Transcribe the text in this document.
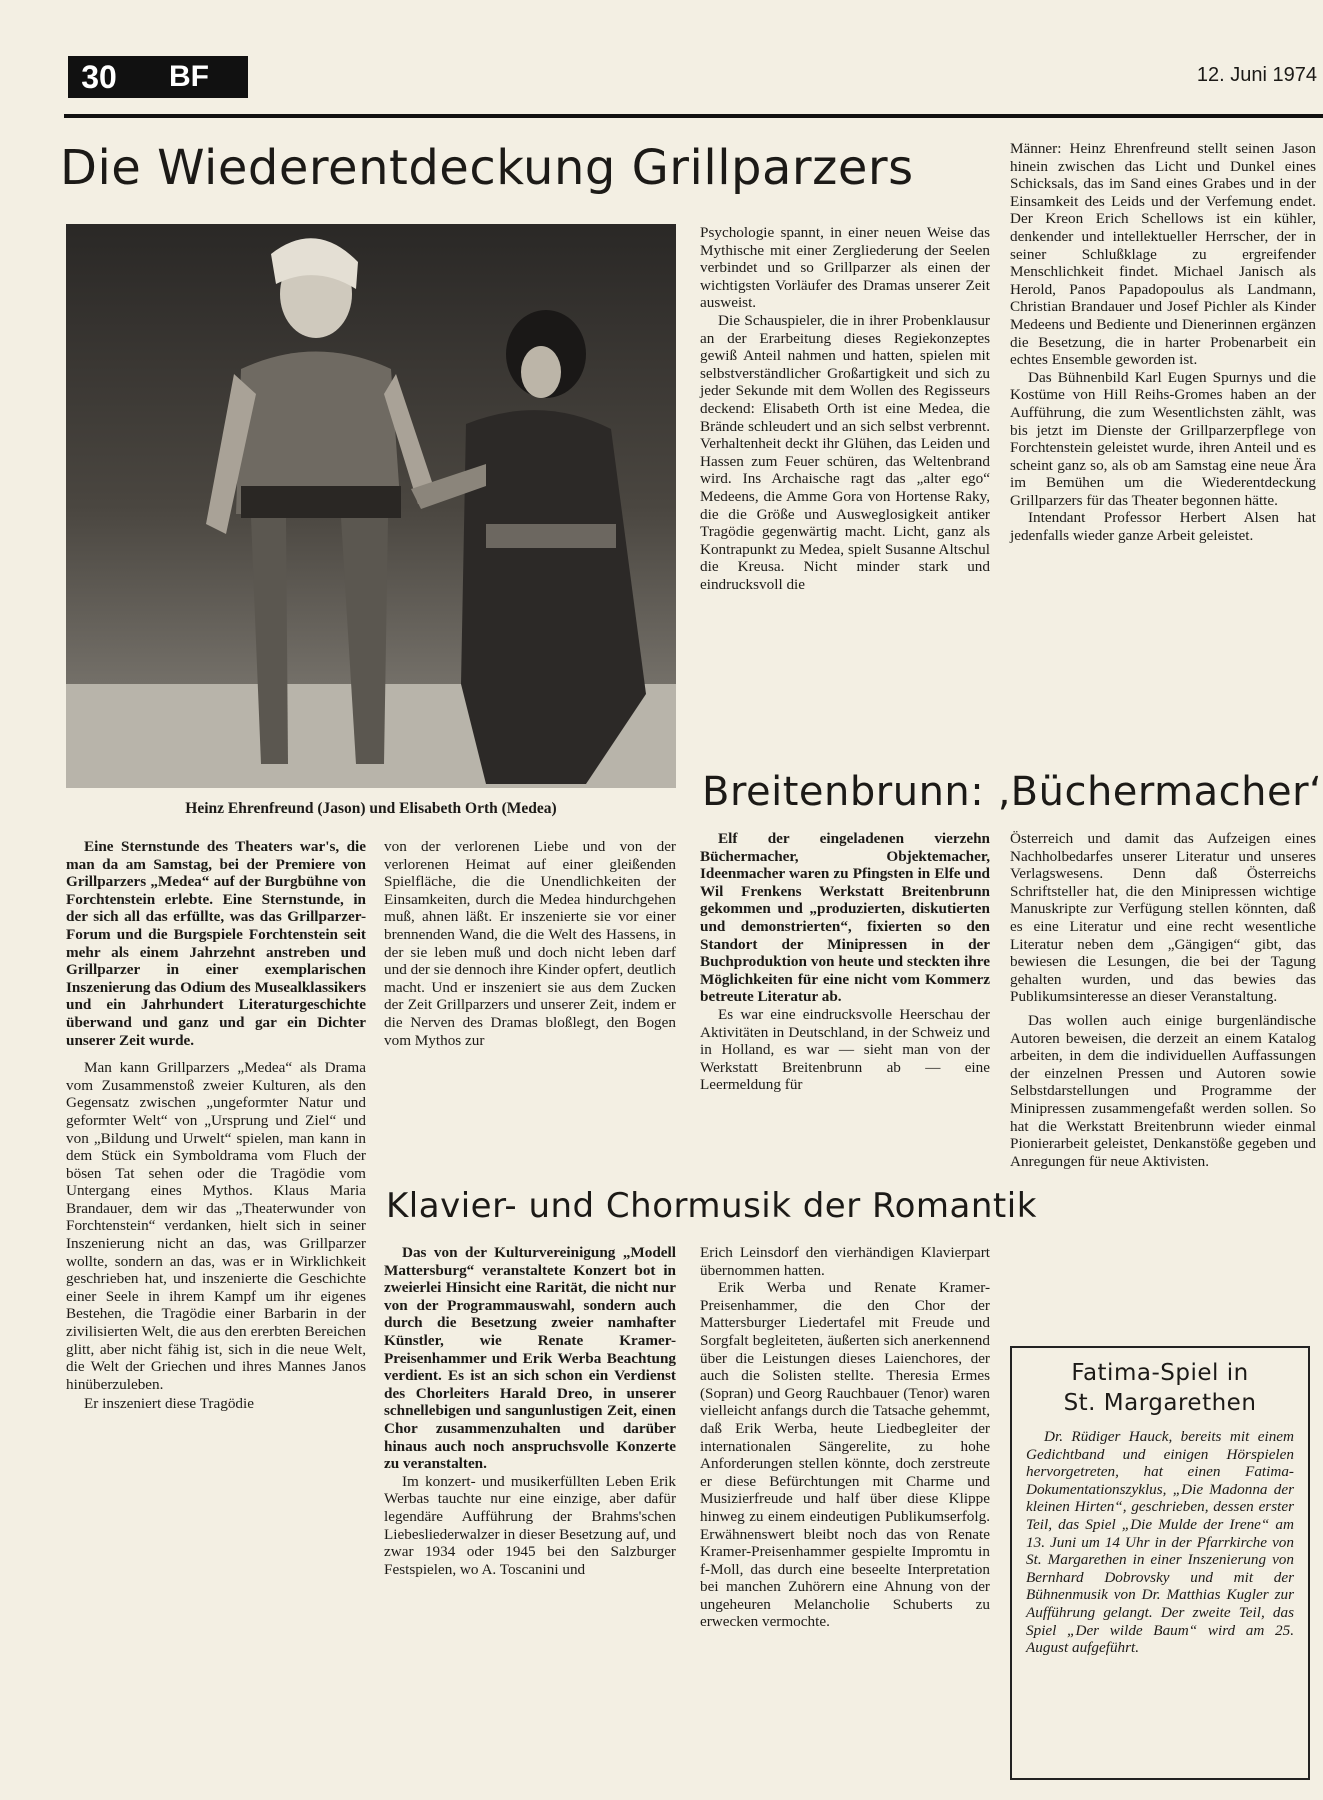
30	BF	12. Juni 1974
Die Wiederentdeckung Grillparzers
Heinz Ehrenfreund (Jason) und Elisabeth Orth (Medea)

Eine Sternstunde des Theaters war's, die man da am Samstag, bei der Premiere von Grillparzers „Medea“ auf der Burgbühne von Forchtenstein erlebte. Eine Sternstunde, in der sich all das erfüllte, was das Grillparzer-Forum und die Burgspiele Forchtenstein seit mehr als einem Jahrzehnt anstreben und Grillparzer in einer exemplarischen Inszenierung das Odium des Musealklassikers und ein Jahrhundert Literaturgeschichte überwand und ganz und gar ein Dichter unserer Zeit wurde.

Man kann Grillparzers „Medea“ als Drama vom Zusammenstoß zweier Kulturen, als den Gegensatz zwischen „ungeformter Natur und geformter Welt“ von „Ursprung und Ziel“ und von „Bildung und Urwelt“ spielen, man kann in dem Stück ein Symboldrama vom Fluch der bösen Tat sehen oder die Tragödie vom Untergang eines Mythos. Klaus Maria Brandauer, dem wir das „Theaterwunder von Forchtenstein“ verdanken, hielt sich in seiner Inszenierung nicht an das, was Grillparzer wollte, sondern an das, was er in Wirklichkeit geschrieben hat, und inszenierte die Geschichte einer Seele in ihrem Kampf um ihr eigenes Bestehen, die Tragödie einer Barbarin in der zivilisierten Welt, die aus den ererbten Bereichen glitt, aber nicht fähig ist, sich in die neue Welt, die Welt der Griechen und ihres Mannes Janos hinüberzuleben.

Er inszeniert diese Tragödie

von der verlorenen Liebe und von der verlorenen Heimat auf einer gleißenden Spielfläche, die die Unendlichkeiten der Einsamkeiten, durch die Medea hindurchgehen muß, ahnen läßt. Er inszenierte sie vor einer brennenden Wand, die die Welt des Hassens, in der sie leben muß und doch nicht leben darf und der sie dennoch ihre Kinder opfert, deutlich macht. Und er inszeniert sie aus dem Zucken der Zeit Grillparzers und unserer Zeit, indem er die Nerven des Dramas bloßlegt, den Bogen vom Mythos zur

Psychologie spannt, in einer neuen Weise das Mythische mit einer Zergliederung der Seelen verbindet und so Grillparzer als einen der wichtigsten Vorläufer des Dramas unserer Zeit ausweist.

Die Schauspieler, die in ihrer Probenklausur an der Erarbeitung dieses Regiekonzeptes gewiß Anteil nahmen und hatten, spielen mit selbstverständlicher Großartigkeit und sich zu jeder Sekunde mit dem Wollen des Regisseurs deckend: Elisabeth Orth ist eine Medea, die Brände schleudert und an sich selbst verbrennt. Verhaltenheit deckt ihr Glühen, das Leiden und Hassen zum Feuer schüren, das Weltenbrand wird. Ins Archaische ragt das „alter ego“ Medeens, die Amme Gora von Hortense Raky, die die Größe und Ausweglosigkeit antiker Tragödie gegenwärtig macht. Licht, ganz als Kontrapunkt zu Medea, spielt Susanne Altschul die Kreusa. Nicht minder stark und eindrucksvoll die

Männer: Heinz Ehrenfreund stellt seinen Jason hinein zwischen das Licht und Dunkel eines Schicksals, das im Sand eines Grabes und in der Einsamkeit des Leids und der Verfemung endet. Der Kreon Erich Schellows ist ein kühler, denkender und intellektueller Herrscher, der in seiner Schlußklage zu ergreifender Menschlichkeit findet. Michael Janisch als Herold, Panos Papadopoulus als Landmann, Christian Brandauer und Josef Pichler als Kinder Medeens und Bediente und Dienerinnen ergänzen die Besetzung, die in harter Probenarbeit ein echtes Ensemble geworden ist.

Das Bühnenbild Karl Eugen Spurnys und die Kostüme von Hill Reihs-Gromes haben an der Aufführung, die zum Wesentlichsten zählt, was bis jetzt im Dienste der Grillparzerpflege von Forchtenstein geleistet wurde, ihren Anteil und es scheint ganz so, als ob am Samstag eine neue Ära im Bemühen um die Wiederentdeckung Grillparzers für das Theater begonnen hätte.

Intendant Professor Herbert Alsen hat jedenfalls wieder ganze Arbeit geleistet.

Breitenbrunn: ‚Büchermacher‘

Elf der eingeladenen vierzehn Büchermacher, Objektemacher, Ideenmacher waren zu Pfingsten in Elfe und Wil Frenkens Werkstatt Breitenbrunn gekommen und „produzierten, diskutierten und demonstrierten“, fixierten so den Standort der Minipressen in der Buchproduktion von heute und steckten ihre Möglichkeiten für eine nicht vom Kommerz betreute Literatur ab.

Es war eine eindrucksvolle Heerschau der Aktivitäten in Deutschland, in der Schweiz und in Holland, es war — sieht man von der Werkstatt Breitenbrunn ab — eine Leermeldung für

Österreich und damit das Aufzeigen eines Nachholbedarfes unserer Literatur und unseres Verlagswesens. Denn daß Österreichs Schriftsteller hat, die den Minipressen wichtige Manuskripte zur Verfügung stellen könnten, daß es eine Literatur und eine recht wesentliche Literatur neben dem „Gängigen“ gibt, das bewiesen die Lesungen, die bei der Tagung gehalten wurden, und das bewies das Publikumsinteresse an dieser Veranstaltung.

Das wollen auch einige burgenländische Autoren beweisen, die derzeit an einem Katalog arbeiten, in dem die individuellen Auffassungen der einzelnen Pressen und Autoren sowie Selbstdarstellungen und Programme der Minipressen zusammengefaßt werden sollen. So hat die Werkstatt Breitenbrunn wieder einmal Pionierarbeit geleistet, Denkanstöße gegeben und Anregungen für neue Aktivisten.

Klavier- und Chormusik der Romantik

Das von der Kulturvereinigung „Modell Mattersburg“ veranstaltete Konzert bot in zweierlei Hinsicht eine Rarität, die nicht nur von der Programmauswahl, sondern auch durch die Besetzung zweier namhafter Künstler, wie Renate Kramer-Preisenhammer und Erik Werba Beachtung verdient. Es ist an sich schon ein Verdienst des Chorleiters Harald Dreo, in unserer schnellebigen und sangunlustigen Zeit, einen Chor zusammenzuhalten und darüber hinaus auch noch anspruchsvolle Konzerte zu veranstalten.

Im konzert- und musikerfüllten Leben Erik Werbas tauchte nur eine einzige, aber dafür legendäre Aufführung der Brahms'schen Liebesliederwalzer in dieser Besetzung auf, und zwar 1934 oder 1945 bei den Salzburger Festspielen, wo A. Toscanini und

Erich Leinsdorf den vierhändigen Klavierpart übernommen hatten.

Erik Werba und Renate Kramer-Preisenhammer, die den Chor der Mattersburger Liedertafel mit Freude und Sorgfalt begleiteten, äußerten sich anerkennend über die Leistungen dieses Laienchores, der auch die Solisten stellte. Theresia Ermes (Sopran) und Georg Rauchbauer (Tenor) waren vielleicht anfangs durch die Tatsache gehemmt, daß Erik Werba, heute Liedbegleiter der internationalen Sängerelite, zu hohe Anforderungen stellen könnte, doch zerstreute er diese Befürchtungen mit Charme und Musizierfreude und half über diese Klippe hinweg zu einem eindeutigen Publikumserfolg. Erwähnenswert bleibt noch das von Renate Kramer-Preisenhammer gespielte Impromtu in f-Moll, das durch eine beseelte Interpretation bei manchen Zuhörern eine Ahnung von der ungeheuren Melancholie Schuberts zu erwecken vermochte.

Fatima-Spiel in
St. Margarethen

Dr. Rüdiger Hauck, bereits mit einem Gedichtband und einigen Hörspielen hervorgetreten, hat einen Fatima-Dokumentationszyklus, „Die Madonna der kleinen Hirten“, geschrieben, dessen erster Teil, das Spiel „Die Mulde der Irene“ am 13. Juni um 14 Uhr in der Pfarrkirche von St. Margarethen in einer Inszenierung von Bernhard Dobrovsky und mit der Bühnenmusik von Dr. Matthias Kugler zur Aufführung gelangt. Der zweite Teil, das Spiel „Der wilde Baum“ wird am 25. August aufgeführt.
